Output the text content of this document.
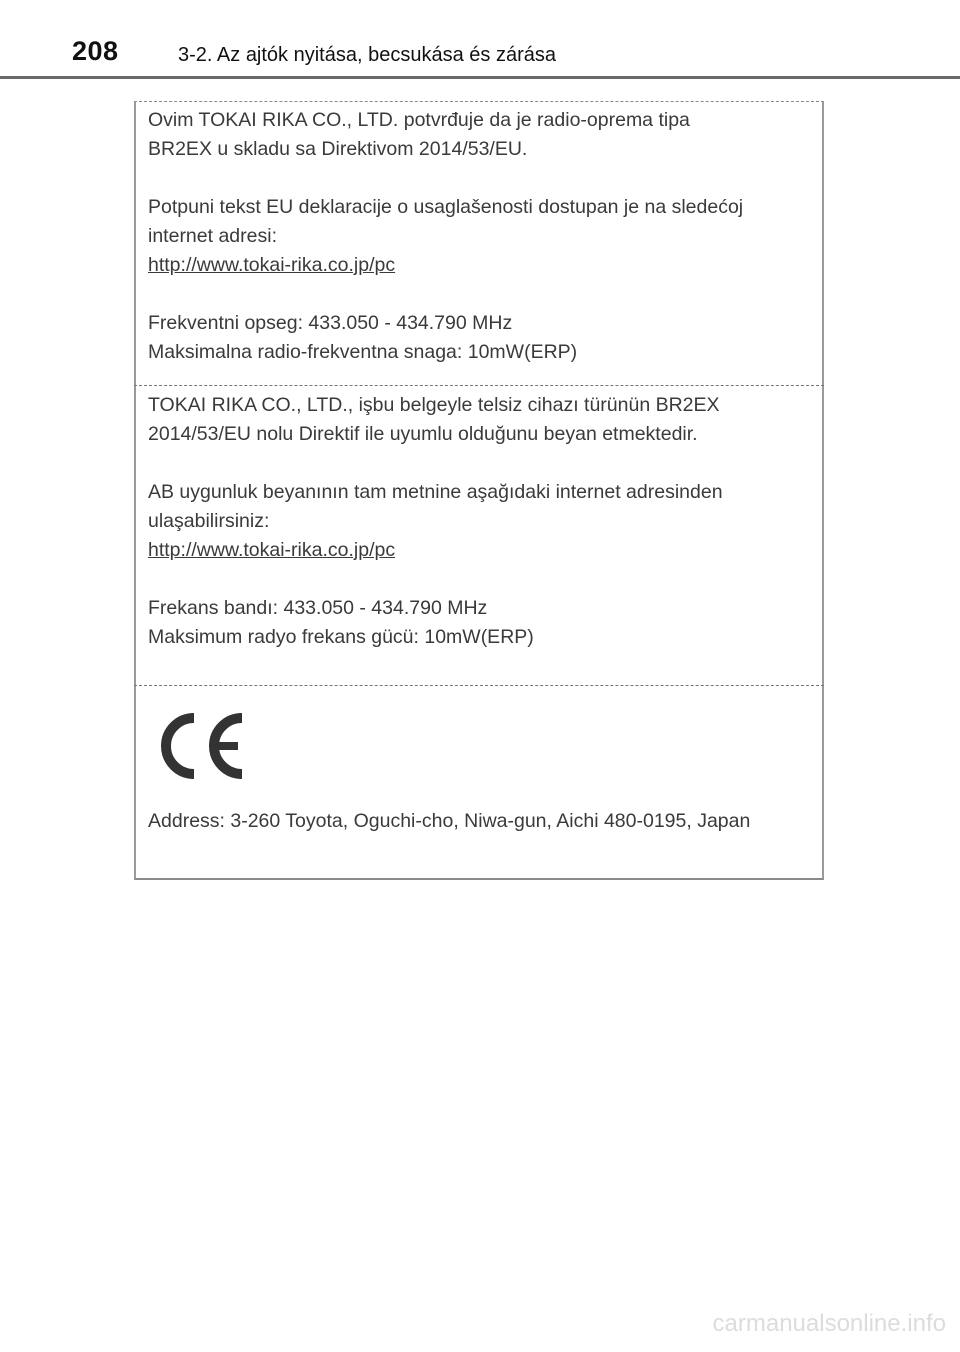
208	3-2. Az ajtók nyitása, becsukása és zárása

Ovim TOKAI RIKA CO., LTD. potvrđuje da je radio-oprema tipa

BR2EX u skladu sa Direktivom 2014/53/EU.

Potpuni tekst EU deklaracije o usaglašenosti dostupan je na sledećoj

internet adresi:

http://www.tokai-rika.co.jp/pc

Frekventni opseg: 433.050 - 434.790 MHz

Maksimalna radio-frekventna snaga: 10mW(ERP)

TOKAI RIKA CO., LTD., işbu belgeyle telsiz cihazı türünün BR2EX

2014/53/EU nolu Direktif ile uyumlu olduğunu beyan etmektedir.

AB uygunluk beyanının tam metnine aşağıdaki internet adresinden

ulaşabilirsiniz:

http://www.tokai-rika.co.jp/pc

Frekans bandı: 433.050 - 434.790 MHz

Maksimum radyo frekans gücü: 10mW(ERP)

Address: 3-260 Toyota, Oguchi-cho, Niwa-gun, Aichi 480-0195, Japan
carmanualsonline.info
